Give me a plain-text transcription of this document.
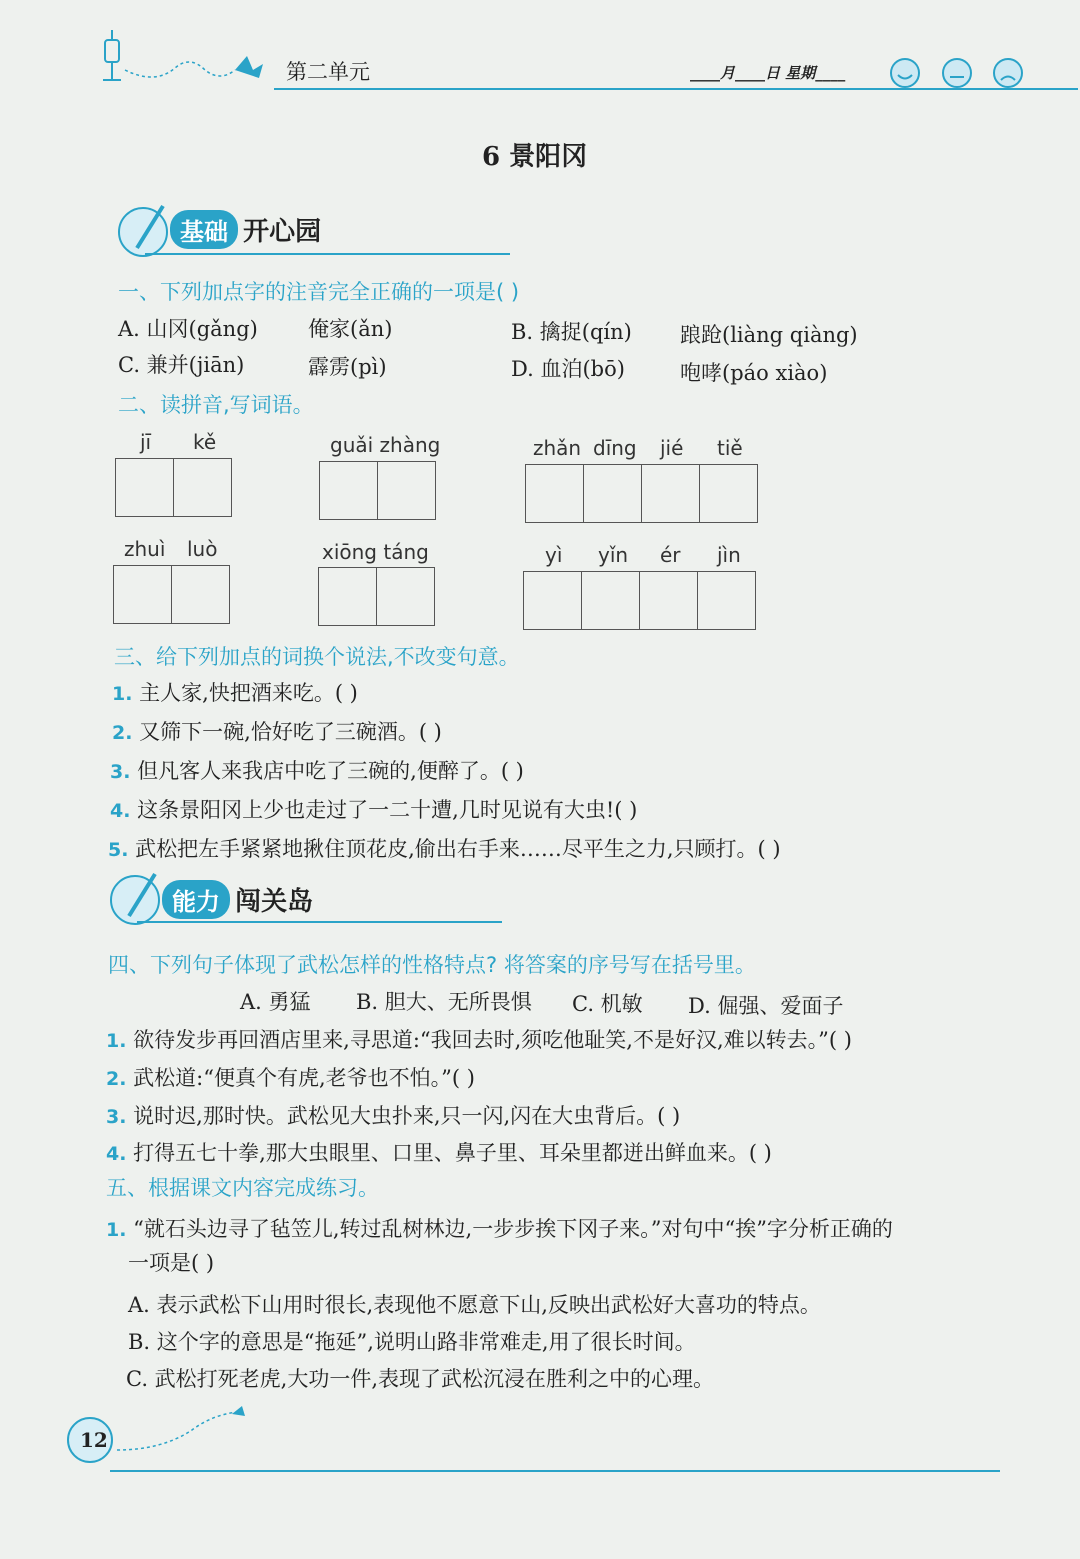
第二单元	____月____日 星期____
6 景阳冈
基础 开心园
一、下列加点字的注音完全正确的一项是( )
A. 山冈(gǎng) 俺家(ǎn)	B. 擒捉(qín) 踉跄(liàng qiàng)
C. 兼并(jiān)	霹雳(pì)	D. 血泊(bō)	咆哮(páo xiào)
二、读拼音,写词语。
jī kě	guǎi zhàng	zhǎn dīng jié tiě
zhuì luò	xiōng táng	yì yǐn ér jìn
三、给下列加点的词换个说法,不改变句意。
1. 主人家,快把酒来吃。( )
2. 又筛下一碗,恰好吃了三碗酒。( )
3. 但凡客人来我店中吃了三碗的,便醉了。( )
4. 这条景阳冈上少也走过了一二十遭,几时见说有大虫!( )
5. 武松把左手紧紧地揪住顶花皮,偷出右手来……尽平生之力,只顾打。( )
能力 闯关岛
四、下列句子体现了武松怎样的性格特点? 将答案的序号写在括号里。
A. 勇猛 B. 胆大、无所畏惧 C. 机敏 D. 倔强、爱面子
1. 欲待发步再回酒店里来,寻思道:“我回去时,须吃他耻笑,不是好汉,难以转去。”( )
2. 武松道:“便真个有虎,老爷也不怕。”( )
3. 说时迟,那时快。武松见大虫扑来,只一闪,闪在大虫背后。( )
4. 打得五七十拳,那大虫眼里、口里、鼻子里、耳朵里都迸出鲜血来。( )
五、根据课文内容完成练习。
1. “就石头边寻了毡笠儿,转过乱树林边,一步步挨下冈子来。”对句中“挨”字分析正确的
一项是( )
A. 表示武松下山用时很长,表现他不愿意下山,反映出武松好大喜功的特点。
B. 这个字的意思是“拖延”,说明山路非常难走,用了很长时间。
C. 武松打死老虎,大功一件,表现了武松沉浸在胜利之中的心理。
12
